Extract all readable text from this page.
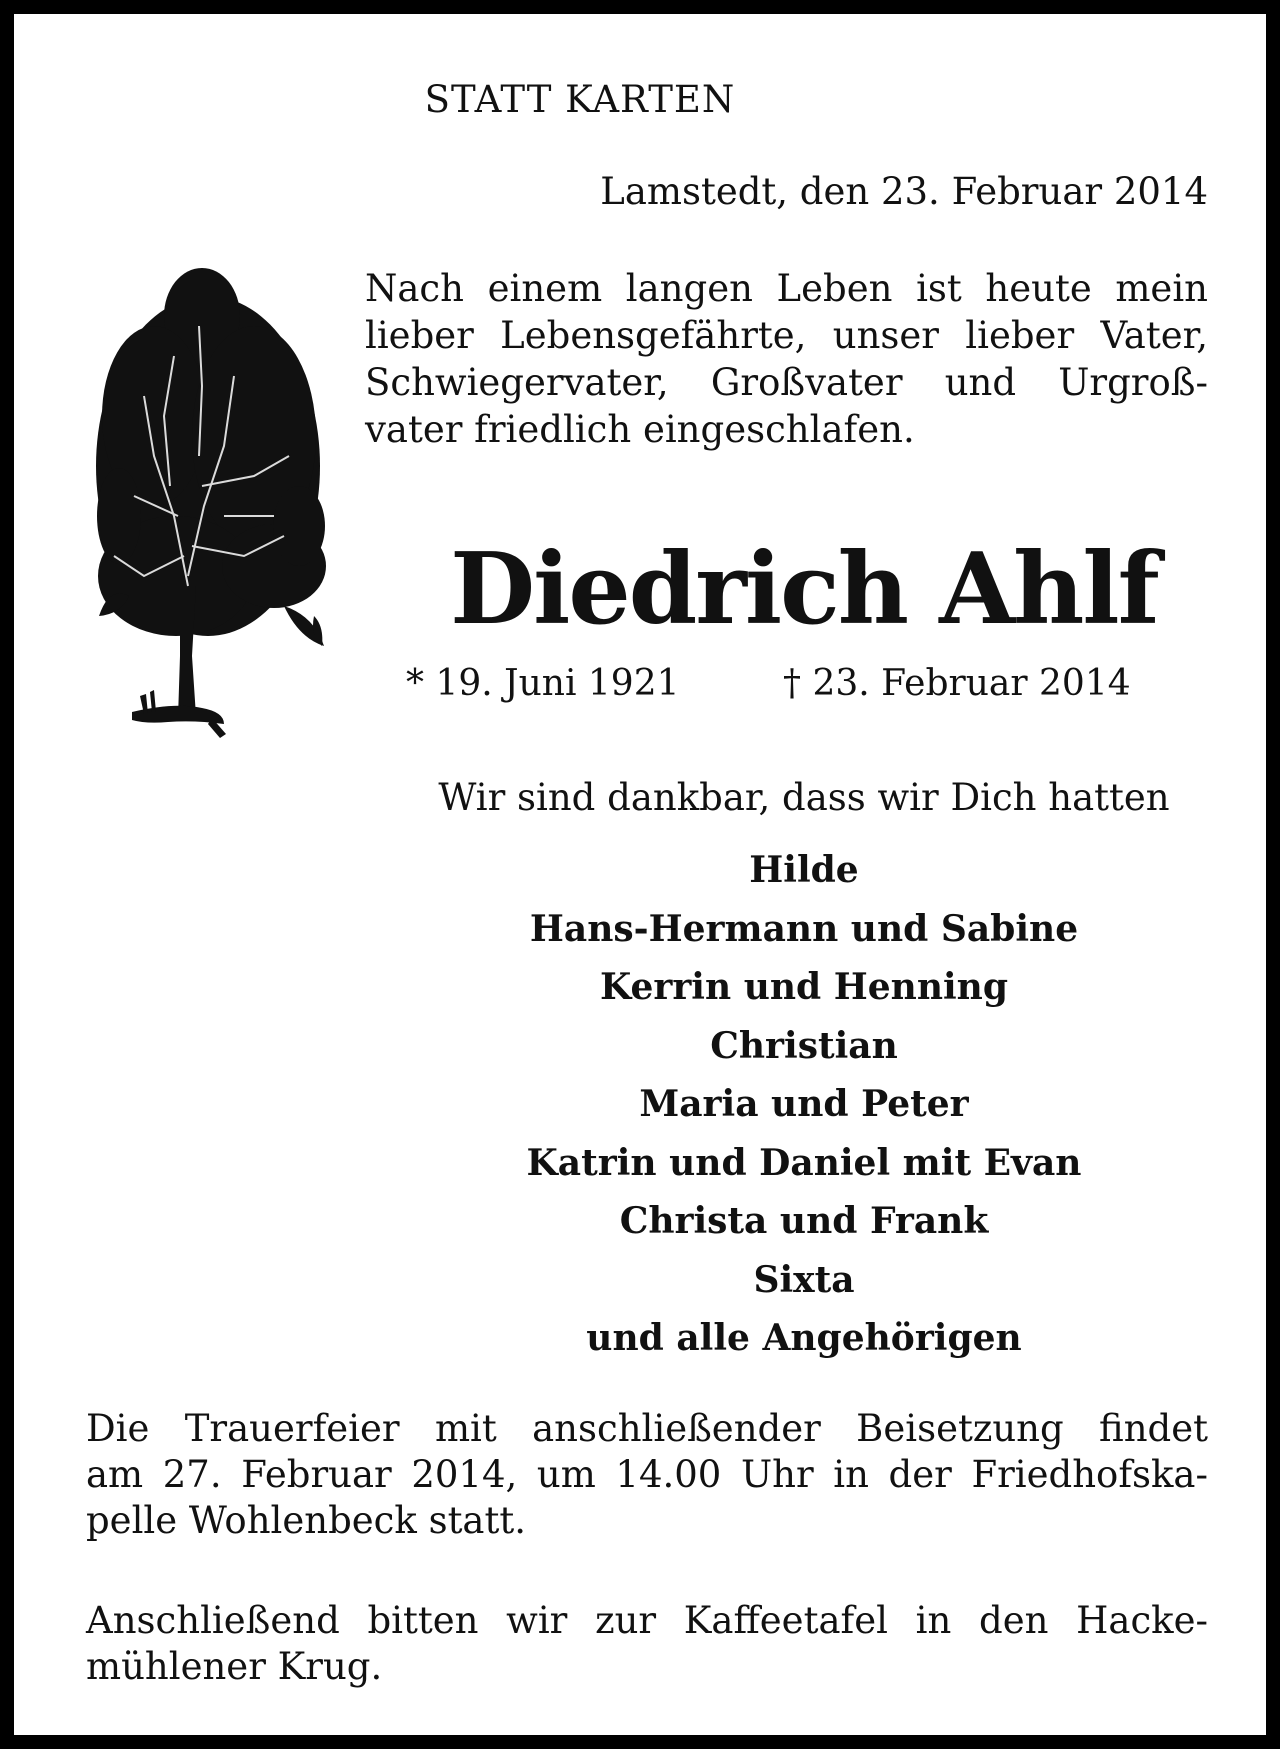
STATT KARTEN
Lamstedt, den 23. Februar 2014

Nach einem langen Leben ist heute mein
lieber Lebensgefährte, unser lieber Vater,
Schwiegervater, Großvater und Urgroß-
vater friedlich eingeschlafen.

Diedrich Ahlf
* 19. Juni 1921	† 23. Februar 2014
Wir sind dankbar, dass wir Dich hatten
Hilde
Hans-Hermann und Sabine
Kerrin und Henning
Christian
Maria und Peter
Katrin und Daniel mit Evan
Christa und Frank
Sixta
und alle Angehörigen

Die Trauerfeier mit anschließender Beisetzung findet
am 27. Februar 2014, um 14.00 Uhr in der Friedhofska-
pelle Wohlenbeck statt.

Anschließend bitten wir zur Kaffeetafel in den Hacke-
mühlener Krug.
